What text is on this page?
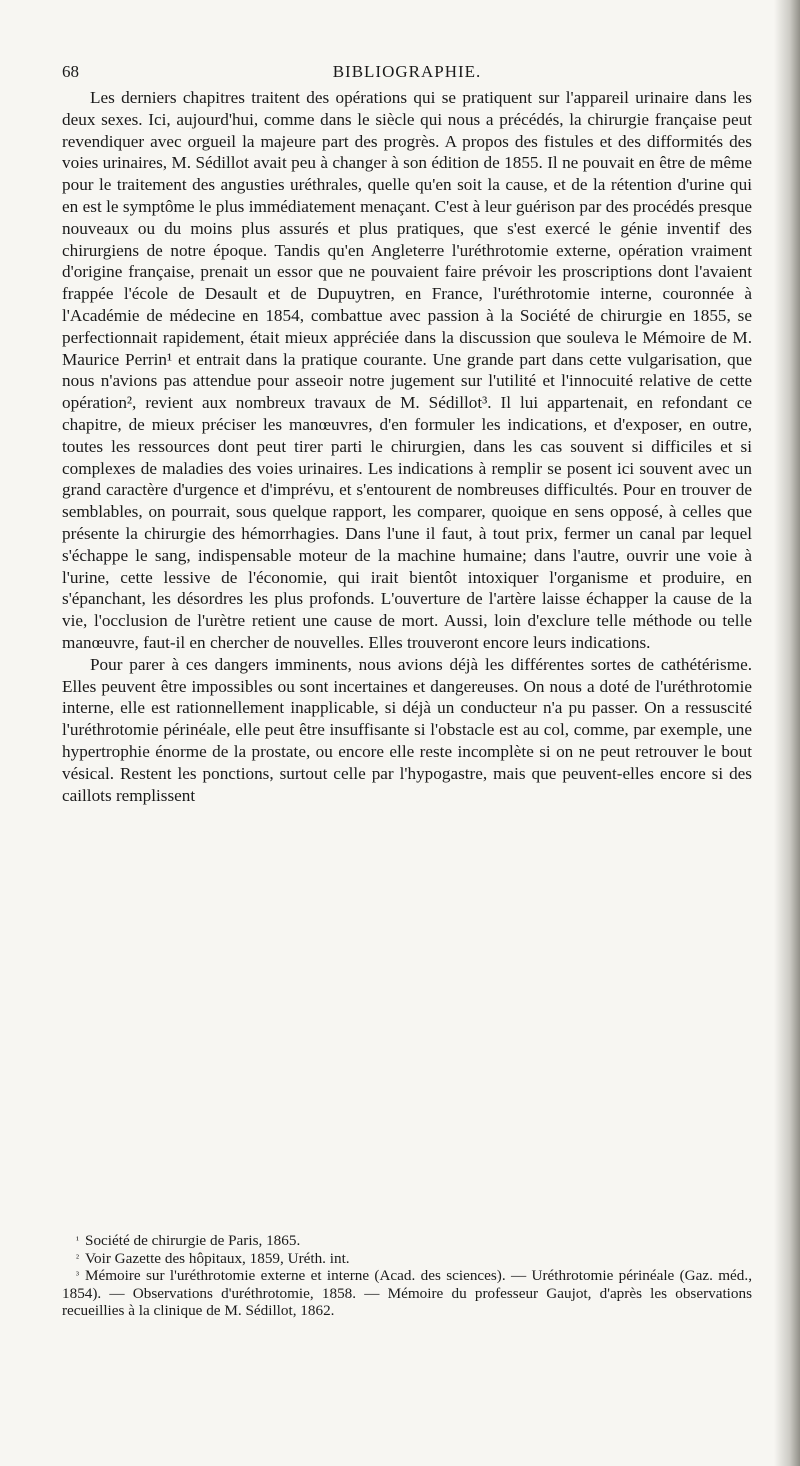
68	BIBLIOGRAPHIE.

Les derniers chapitres traitent des opérations qui se pratiquent sur l'appareil urinaire dans les deux sexes. Ici, aujourd'hui, comme dans le siècle qui nous a précédés, la chirurgie française peut revendiquer avec orgueil la majeure part des progrès. A propos des fistules et des difformités des voies urinaires, M. Sédillot avait peu à changer à son édition de 1855. Il ne pouvait en être de même pour le traitement des angusties uréthrales, quelle qu'en soit la cause, et de la rétention d'urine qui en est le symptôme le plus immédiatement menaçant. C'est à leur guérison par des procédés presque nouveaux ou du moins plus assurés et plus pratiques, que s'est exercé le génie inventif des chirurgiens de notre époque. Tandis qu'en Angleterre l'uréthrotomie externe, opération vraiment d'origine française, prenait un essor que ne pouvaient faire prévoir les proscriptions dont l'avaient frappée l'école de Desault et de Dupuytren, en France, l'uréthrotomie interne, couronnée à l'Académie de médecine en 1854, combattue avec passion à la Société de chirurgie en 1855, se perfectionnait rapidement, était mieux appréciée dans la discussion que souleva le Mémoire de M. Maurice Perrin¹ et entrait dans la pratique courante. Une grande part dans cette vulgarisation, que nous n'avions pas attendue pour asseoir notre jugement sur l'utilité et l'innocuité relative de cette opération², revient aux nombreux travaux de M. Sédillot³. Il lui appartenait, en refondant ce chapitre, de mieux préciser les manœuvres, d'en formuler les indications, et d'exposer, en outre, toutes les ressources dont peut tirer parti le chirurgien, dans les cas souvent si difficiles et si complexes de maladies des voies urinaires. Les indications à remplir se posent ici souvent avec un grand caractère d'urgence et d'imprévu, et s'entourent de nombreuses difficultés. Pour en trouver de semblables, on pourrait, sous quelque rapport, les comparer, quoique en sens opposé, à celles que présente la chirurgie des hémorrhagies. Dans l'une il faut, à tout prix, fermer un canal par lequel s'échappe le sang, indispensable moteur de la machine humaine; dans l'autre, ouvrir une voie à l'urine, cette lessive de l'économie, qui irait bientôt intoxiquer l'organisme et produire, en s'épanchant, les désordres les plus profonds. L'ouverture de l'artère laisse échapper la cause de la vie, l'occlusion de l'urètre retient une cause de mort. Aussi, loin d'exclure telle méthode ou telle manœuvre, faut-il en chercher de nouvelles. Elles trouveront encore leurs indications.

Pour parer à ces dangers imminents, nous avions déjà les différentes sortes de cathétérisme. Elles peuvent être impossibles ou sont incertaines et dangereuses. On nous a doté de l'uréthrotomie interne, elle est rationnellement inapplicable, si déjà un conducteur n'a pu passer. On a ressuscité l'uréthrotomie périnéale, elle peut être insuffisante si l'obstacle est au col, comme, par exemple, une hypertrophie énorme de la prostate, ou encore elle reste incomplète si on ne peut retrouver le bout vésical. Restent les ponctions, surtout celle par l'hypogastre, mais que peuvent-elles encore si des caillots remplissent

$^{^1}$ Société de chirurgie de Paris, 1865.

$^{^2}$ Voir Gazette des hôpitaux, 1859, Uréth. int.

$^{^3}$ Mémoire sur l'uréthrotomie externe et interne (Acad. des sciences). — Uréthrotomie périnéale (Gaz. méd., 1854). — Observations d'uréthrotomie, 1858. — Mémoire du professeur Gaujot, d'après les observations recueillies à la clinique de M. Sédillot, 1862.
